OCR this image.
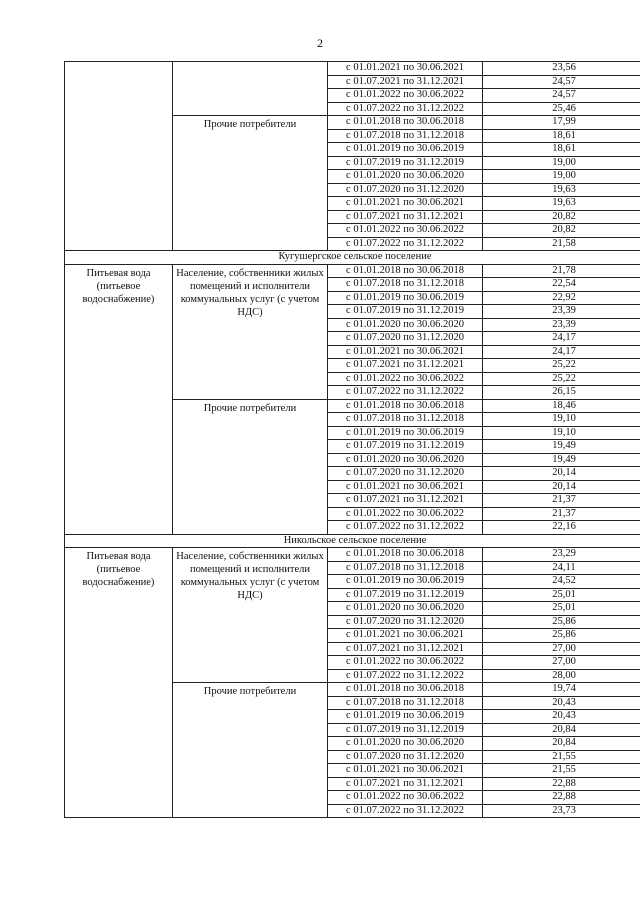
2
		с 01.01.2021 по 30.06.2021	23,56
		с 01.07.2021 по 31.12.2021	24,57
		с 01.01.2022 по 30.06.2022	24,57
		с 01.07.2022 по 31.12.2022	25,46
	Прочие потребители	с 01.01.2018 по 30.06.2018	17,99
		с 01.07.2018 по 31.12.2018	18,61
		с 01.01.2019 по 30.06.2019	18,61
		с 01.07.2019 по 31.12.2019	19,00
		с 01.01.2020 по 30.06.2020	19,00
		с 01.07.2020 по 31.12.2020	19,63
		с 01.01.2021 по 30.06.2021	19,63
		с 01.07.2021 по 31.12.2021	20,82
		с 01.01.2022 по 30.06.2022	20,82
		с 01.07.2022 по 31.12.2022	21,58
Кугушергское сельское поселение			
Питьевая вода (питьевое водоснабжение)	Население, собственники жилых помещений и исполнители коммунальных услуг (с учетом НДС)	с 01.01.2018 по 30.06.2018	21,78
		с 01.07.2018 по 31.12.2018	22,54
		с 01.01.2019 по 30.06.2019	22,92
		с 01.07.2019 по 31.12.2019	23,39
		с 01.01.2020 по 30.06.2020	23,39
		с 01.07.2020 по 31.12.2020	24,17
		с 01.01.2021 по 30.06.2021	24,17
		с 01.07.2021 по 31.12.2021	25,22
		с 01.01.2022 по 30.06.2022	25,22
		с 01.07.2022 по 31.12.2022	26,15
	Прочие потребители	с 01.01.2018 по 30.06.2018	18,46
		с 01.07.2018 по 31.12.2018	19,10
		с 01.01.2019 по 30.06.2019	19,10
		с 01.07.2019 по 31.12.2019	19,49
		с 01.01.2020 по 30.06.2020	19,49
		с 01.07.2020 по 31.12.2020	20,14
		с 01.01.2021 по 30.06.2021	20,14
		с 01.07.2021 по 31.12.2021	21,37
		с 01.01.2022 по 30.06.2022	21,37
		с 01.07.2022 по 31.12.2022	22,16
Никольское сельское поселение			
Питьевая вода (питьевое водоснабжение)	Население, собственники жилых помещений и исполнители коммунальных услуг (с учетом НДС)	с 01.01.2018 по 30.06.2018	23,29
		с 01.07.2018 по 31.12.2018	24,11
		с 01.01.2019 по 30.06.2019	24,52
		с 01.07.2019 по 31.12.2019	25,01
		с 01.01.2020 по 30.06.2020	25,01
		с 01.07.2020 по 31.12.2020	25,86
		с 01.01.2021 по 30.06.2021	25,86
		с 01.07.2021 по 31.12.2021	27,00
		с 01.01.2022 по 30.06.2022	27,00
		с 01.07.2022 по 31.12.2022	28,00
	Прочие потребители	с 01.01.2018 по 30.06.2018	19,74
		с 01.07.2018 по 31.12.2018	20,43
		с 01.01.2019 по 30.06.2019	20,43
		с 01.07.2019 по 31.12.2019	20,84
		с 01.01.2020 по 30.06.2020	20,84
		с 01.07.2020 по 31.12.2020	21,55
		с 01.01.2021 по 30.06.2021	21,55
		с 01.07.2021 по 31.12.2021	22,88
		с 01.01.2022 по 30.06.2022	22,88
		с 01.07.2022 по 31.12.2022	23,73
